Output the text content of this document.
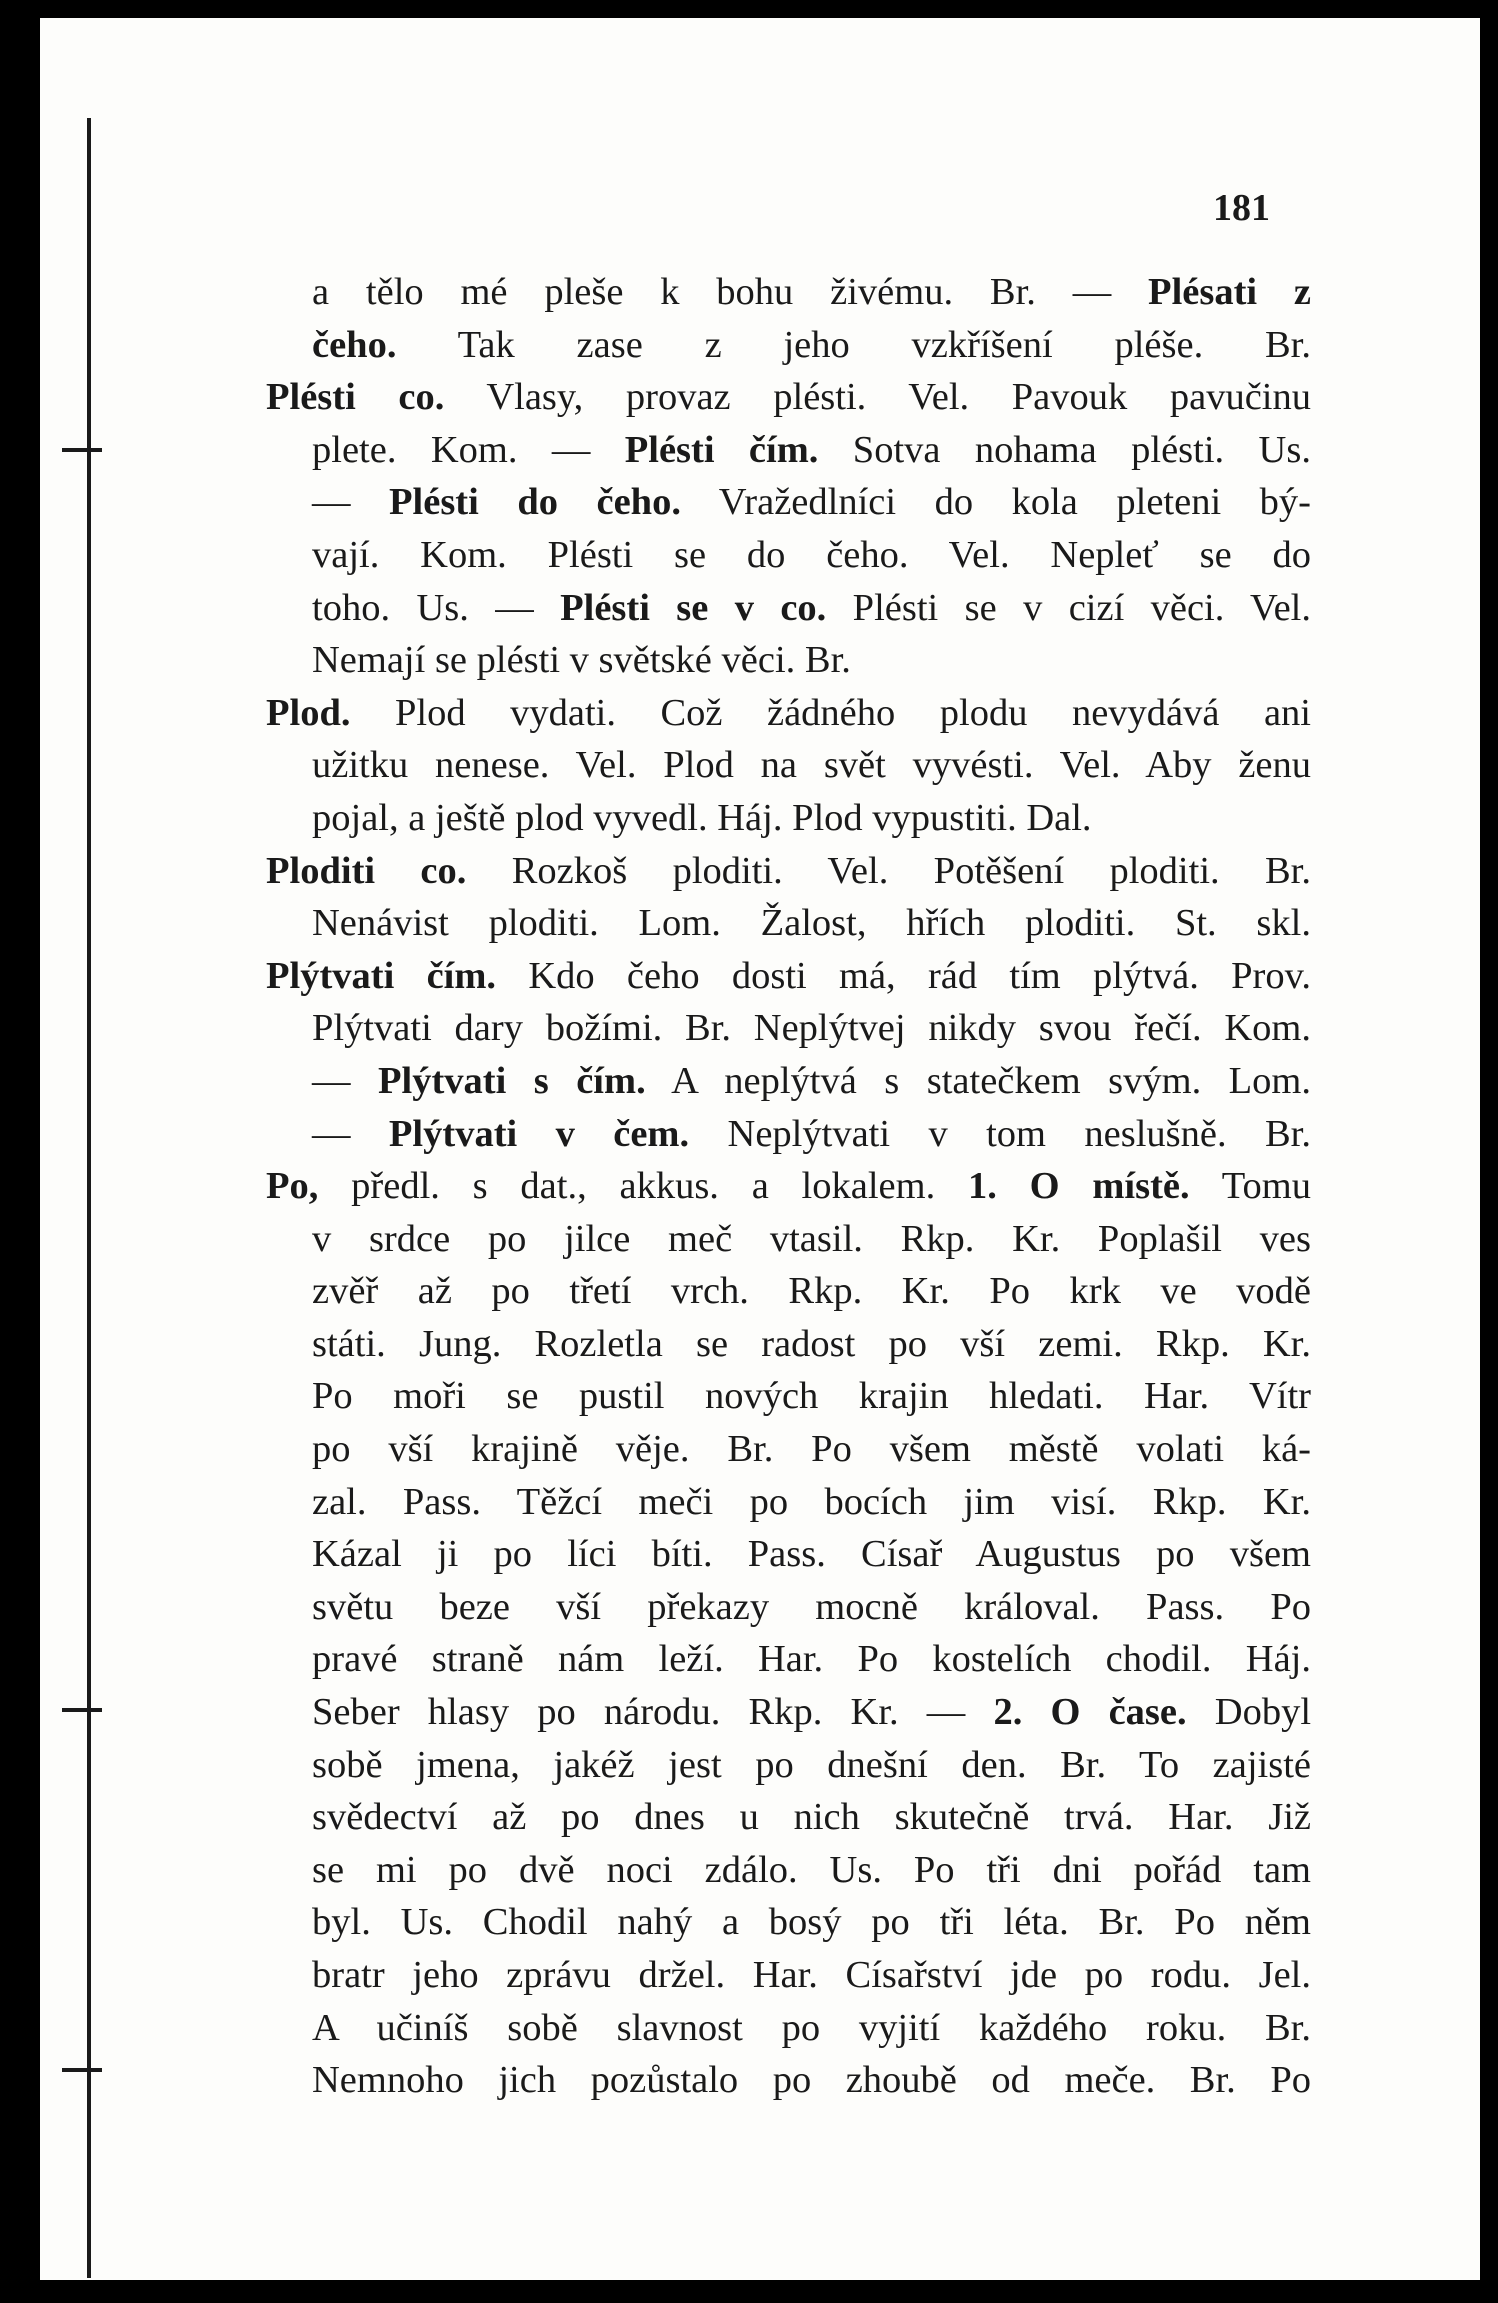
181
a tělo mé pleše k bohu živému. Br. — Plésati z
čeho. Tak zase z jeho vzkříšení pléše. Br.
Plésti co. Vlasy, provaz plésti. Vel. Pavouk pavučinu
plete. Kom. — Plésti čím. Sotva nohama plésti. Us.
— Plésti do čeho. Vražedlníci do kola pleteni bý-
vají. Kom. Plésti se do čeho. Vel. Nepleť se do
toho. Us. — Plésti se v co. Plésti se v cizí věci. Vel.
Nemají se plésti v světské věci. Br.
Plod. Plod vydati. Což žádného plodu nevydává ani
užitku nenese. Vel. Plod na svět vyvésti. Vel. Aby ženu
pojal, a ještě plod vyvedl. Háj. Plod vypustiti. Dal.
Ploditi co. Rozkoš ploditi. Vel. Potěšení ploditi. Br.
Nenávist ploditi. Lom. Žalost, hřích ploditi. St. skl.
Plýtvati čím. Kdo čeho dosti má, rád tím plýtvá. Prov.
Plýtvati dary božími. Br. Neplýtvej nikdy svou řečí. Kom.
— Plýtvati s čím. A neplýtvá s statečkem svým. Lom.
— Plýtvati v čem. Neplýtvati v tom neslušně. Br.
Po, předl. s dat., akkus. a lokalem. 1. O místě. Tomu
v srdce po jilce meč vtasil. Rkp. Kr. Poplašil ves
zvěř až po třetí vrch. Rkp. Kr. Po krk ve vodě
státi. Jung. Rozletla se radost po vší zemi. Rkp. Kr.
Po moři se pustil nových krajin hledati. Har. Vítr
po vší krajině věje. Br. Po všem městě volati ká-
zal. Pass. Těžcí meči po bocích jim visí. Rkp. Kr.
Kázal ji po líci bíti. Pass. Císař Augustus po všem
světu beze vší překazy mocně královal. Pass. Po
pravé straně nám leží. Har. Po kostelích chodil. Háj.
Seber hlasy po národu. Rkp. Kr. — 2. O čase. Dobyl
sobě jmena, jakéž jest po dnešní den. Br. To zajisté
svědectví až po dnes u nich skutečně trvá. Har. Již
se mi po dvě noci zdálo. Us. Po tři dni pořád tam
byl. Us. Chodil nahý a bosý po tři léta. Br. Po něm
bratr jeho zprávu držel. Har. Císařství jde po rodu. Jel.
A učiníš sobě slavnost po vyjití každého roku. Br.
Nemnoho jich pozůstalo po zhoubě od meče. Br. Po
